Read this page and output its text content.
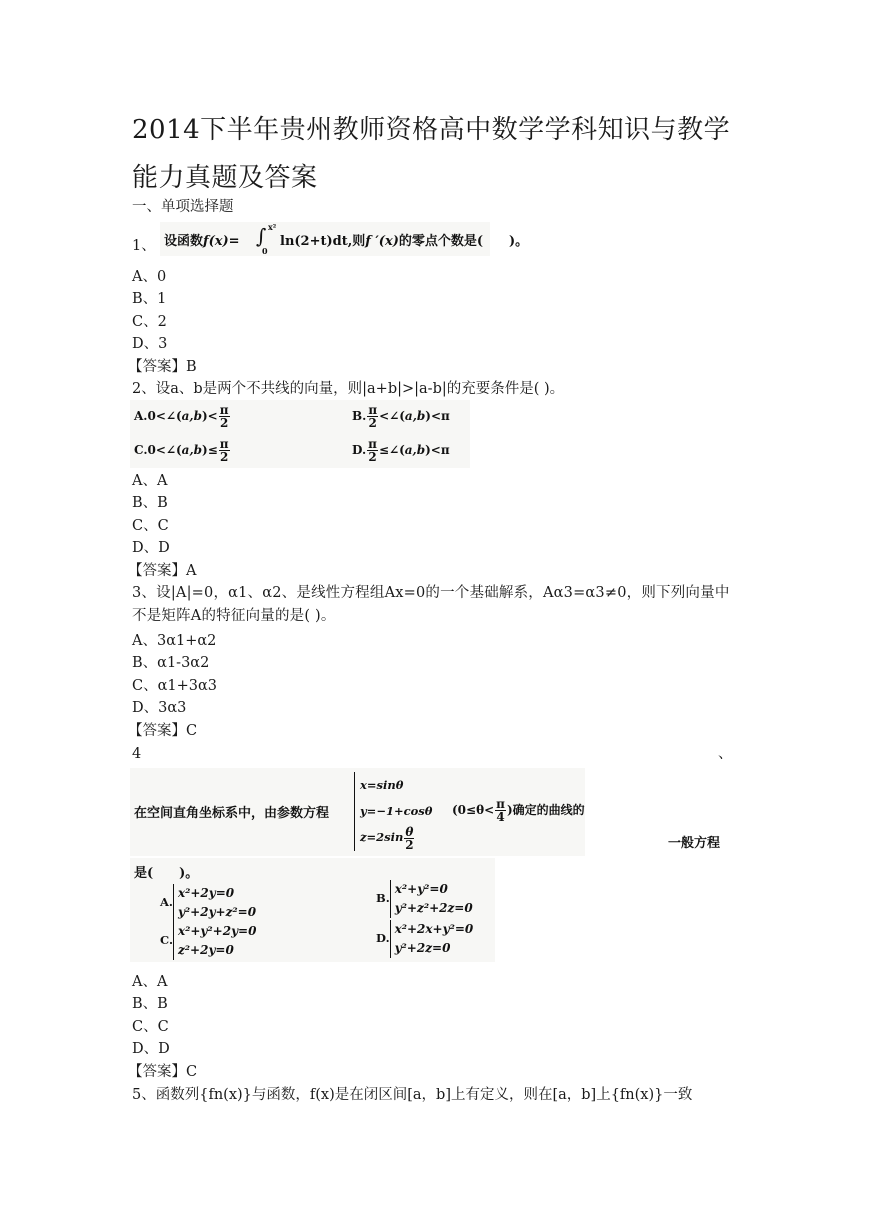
2014下半年贵州教师资格高中数学学科知识与教学能力真题及答案
一、单项选择题
1、 设函数f(x)= ∫ x²
0
ln(2+t)dt,则f ′(x)的零点个数是(　　)。
A、0
B、1
C、2
D、3
【答案】B
2、设a、b是两个不共线的向量，则|a+b|>|a-b|的充要条件是( )。
A.0<∠(a,b)< $\frac{\pi}{2}$	B. $\frac{\pi}{2}$ <∠(a,b)<π
C.0<∠(a,b)≤ $\frac{\pi}{2}$	D. $\frac{\pi}{2}$ ≤∠(a,b)<π
A、A
B、B
C、C
D、D
【答案】A
3、设|A|=0，α1、α2、是线性方程组Ax=0的一个基础解系，Aα3=α3≠0，则下列向量中不是矩阵A的特征向量的是( )。
A、3α1+α2
B、α1-3α2
C、α1+3α3
D、3α3
【答案】C
4	、
在空间直角坐标系中，由参数方程
x=sinθ
y=−1+cosθ
$z=2\sin \frac{\theta}{2}$
($0\le\theta< \frac{\pi}{4}$ )确定的曲线的
一般方程
是(　　)。
A.
x²+2y=0
y²+2y+z²=0
B.
x²+y²=0
y²+z²+2z=0
C.
x²+y²+2y=0
z²+2y=0
D.
x²+2x+y²=0
y²+2z=0
A、A
B、B
C、C
D、D
【答案】C
5、函数列{fn(x)}与函数，f(x)是在闭区间[a，b]上有定义，则在[a，b]上{fn(x)}一致
